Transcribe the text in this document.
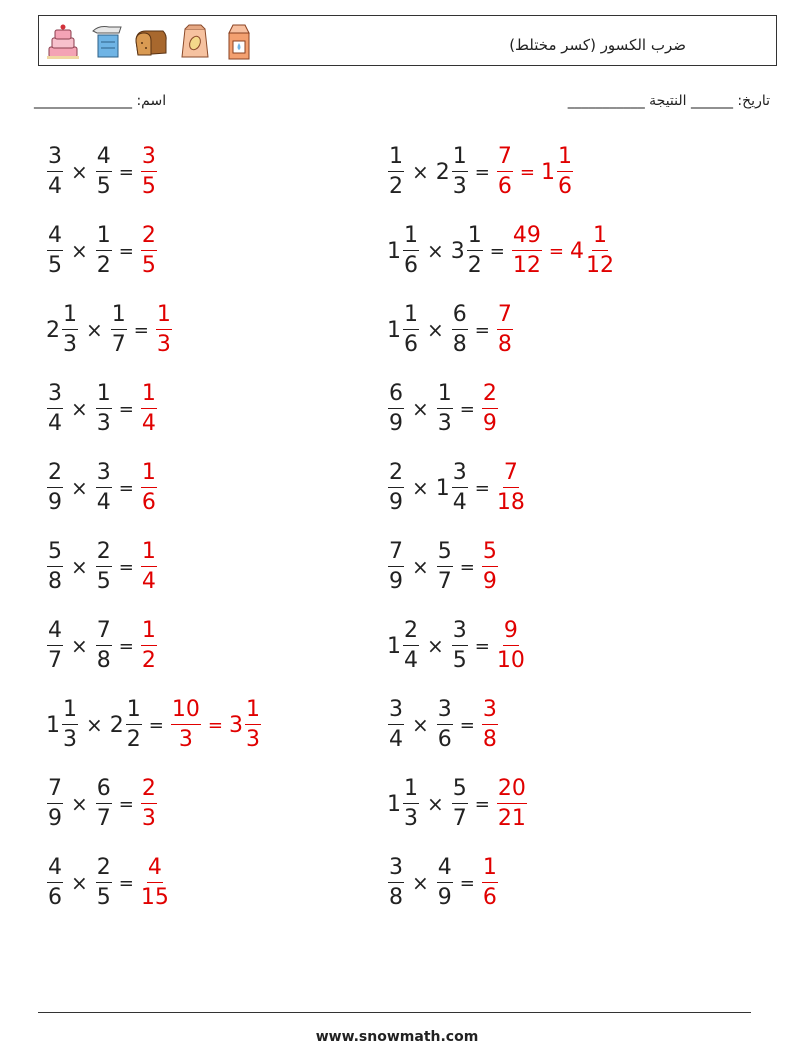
ضرب الكسور (كسر مختلط)
تاريخ: ______ النتيجة ___________
اسم: ______________
$\frac{3}{4} \times \frac{4}{5} = \frac{3}{5}$
$\frac{4}{5} \times \frac{1}{2} = \frac{2}{5}$
$2 \frac{1}{3} \times \frac{1}{7} = \frac{1}{3}$
$\frac{3}{4} \times \frac{1}{3} = \frac{1}{4}$
$\frac{2}{9} \times \frac{3}{4} = \frac{1}{6}$
$\frac{5}{8} \times \frac{2}{5} = \frac{1}{4}$
$\frac{4}{7} \times \frac{7}{8} = \frac{1}{2}$
$1 \frac{1}{3} \times 2 \frac{1}{2} = \frac{10}{3} = 3 \frac{1}{3}$
$\frac{7}{9} \times \frac{6}{7} = \frac{2}{3}$
$\frac{4}{6} \times \frac{2}{5} = \frac{4}{15}$
$\frac{1}{2} \times 2 \frac{1}{3} = \frac{7}{6} = 1 \frac{1}{6}$
$1 \frac{1}{6} \times 3 \frac{1}{2} = \frac{49}{12} = 4 \frac{1}{12}$
$1 \frac{1}{6} \times \frac{6}{8} = \frac{7}{8}$
$\frac{6}{9} \times \frac{1}{3} = \frac{2}{9}$
$\frac{2}{9} \times 1 \frac{3}{4} = \frac{7}{18}$
$\frac{7}{9} \times \frac{5}{7} = \frac{5}{9}$
$1 \frac{2}{4} \times \frac{3}{5} = \frac{9}{10}$
$\frac{3}{4} \times \frac{3}{6} = \frac{3}{8}$
$1 \frac{1}{3} \times \frac{5}{7} = \frac{20}{21}$
$\frac{3}{8} \times \frac{4}{9} = \frac{1}{6}$
www.snowmath.com
